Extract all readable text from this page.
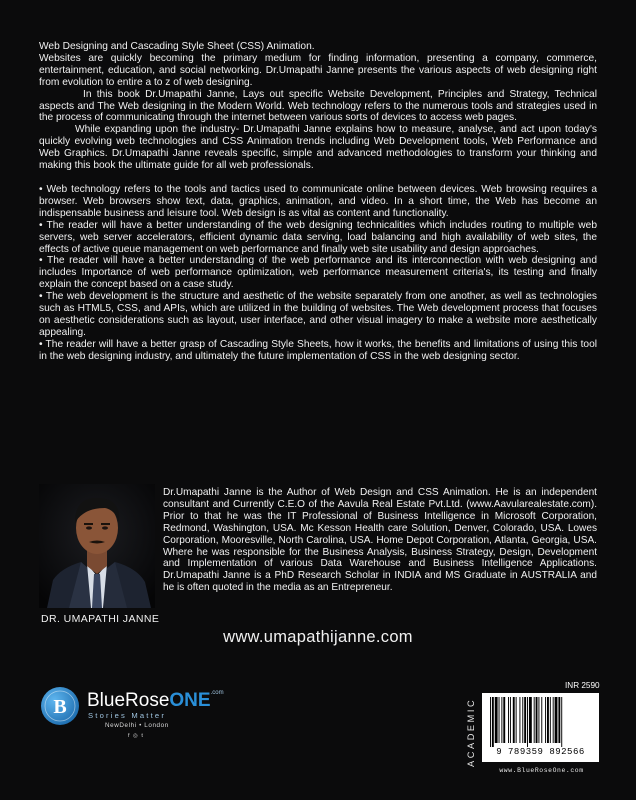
Web Designing and Cascading Style Sheet (CSS) Animation.

Websites are quickly becoming the primary medium for finding information, presenting a company, commerce, entertainment, education, and social networking. Dr.Umapathi Janne presents the various aspects of web designing right from evolution to entire a to z of web designing.

In this book Dr.Umapathi Janne, Lays out specific Website Development, Principles and Strategy, Technical aspects and The Web designing in the Modern World. Web technology refers to the numerous tools and strategies used in the process of communicating through the internet between various sorts of devices to access web pages.

While expanding upon the industry- Dr.Umapathi Janne explains how to measure, analyse, and act upon today's quickly evolving web technologies and CSS Animation trends including Web Development tools, Web Performance and Web Graphics. Dr.Umapathi Janne reveals specific, simple and advanced methodologies to transform your thinking and making this book the ultimate guide for all web professionals.

• Web technology refers to the tools and tactics used to communicate online between devices. Web browsing requires a browser. Web browsers show text, data, graphics, animation, and video. In a short time, the Web has become an indispensable business and leisure tool. Web design is as vital as content and functionality.

• The reader will have a better understanding of the web designing technicalities which includes routing to multiple web servers, web server accelerators, efficient dynamic data serving, load balancing and high availability of web sites, the effects of active queue management on web performance and finally web site usability and design approaches.

• The reader will have a better understanding of the web performance and its interconnection with web designing and includes Importance of web performance optimization, web performance measurement criteria's, its testing and finally explain the concept based on a case study.

• The web development is the structure and aesthetic of the website separately from one another, as well as technologies such as HTML5, CSS, and APIs, which are utilized in the building of websites. The Web development process that focuses on aesthetic considerations such as layout, user interface, and other visual imagery to make a website more aesthetically appealing.

• The reader will have a better grasp of Cascading Style Sheets, how it works, the benefits and limitations of using this tool in the web designing industry, and ultimately the future implementation of CSS in the web designing sector.

DR. UMAPATHI JANNE
Dr.Umapathi Janne is the Author of Web Design and CSS Animation. He is an independent consultant and Currently C.E.O of the Aavula Real Estate Pvt.Ltd. (www.Aavularealestate.com). Prior to that he was the IT Professional of Business Intelligence in Microsoft Corporation, Redmond, Washington, USA. Mc Kesson Health care Solution, Denver, Colorado, USA. Lowes Corporation, Mooresville, North Carolina, USA. Home Depot Corporation, Atlanta, Georgia, USA. Where he was responsible for the Business Analysis, Business Strategy, Design, Development and Implementation of various Data Warehouse and Business Intelligence Applications. Dr.Umapathi Janne is a PhD Research Scholar in INDIA and MS Graduate in AUSTRALIA and he is often quoted in the media as an Entrepreneur.
www.umapathijanne.com
B BlueRoseONE$^{.com}$
Stories Matter
NewDelhi • London
f ◎ t
INR 2590
ACADEMIC	9 789359 892566
www.BlueRoseOne.com
